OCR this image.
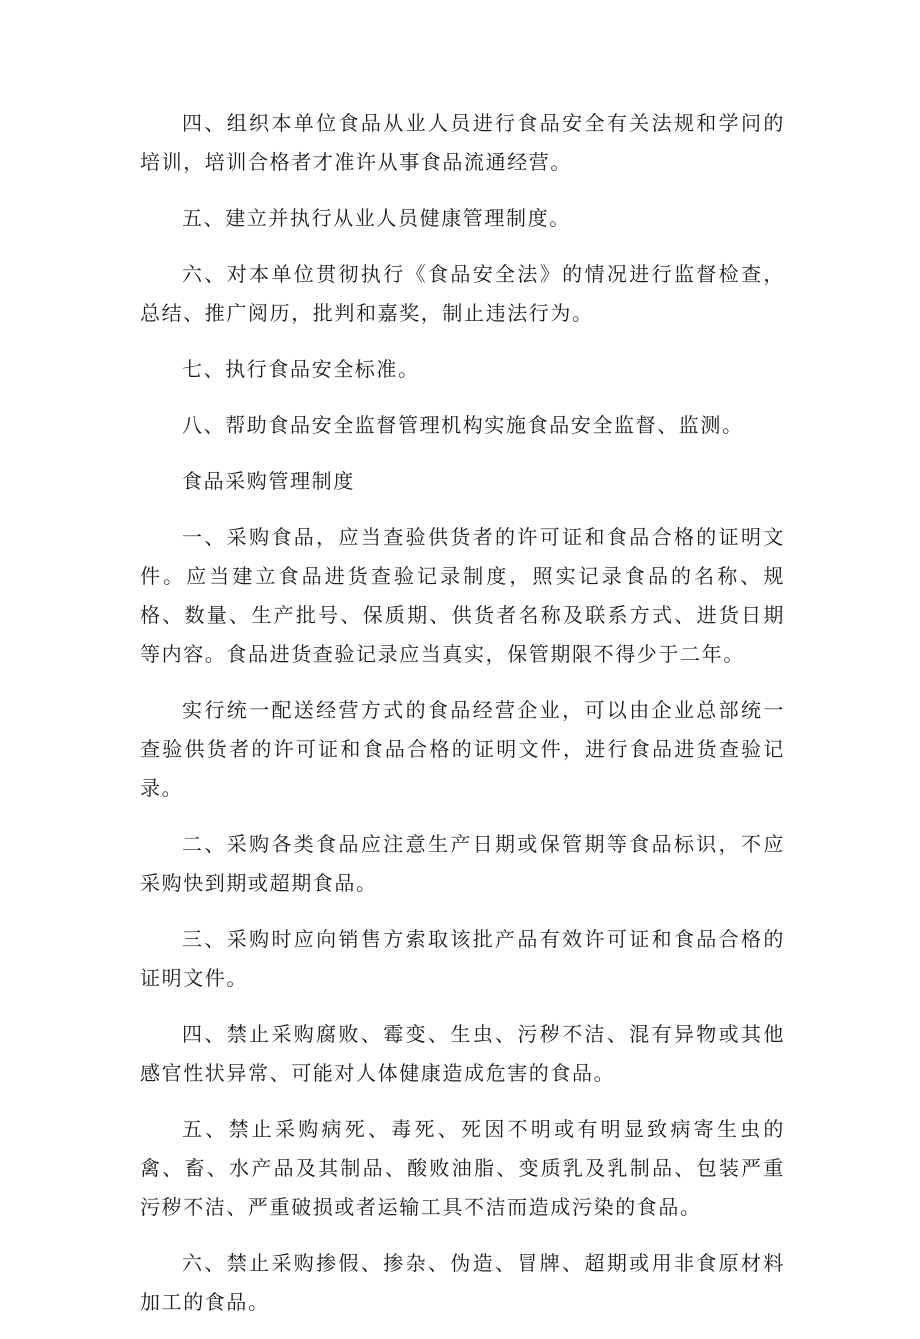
四、组织本单位食品从业人员进行食品安全有关法规和学问的培训，培训合格者才准许从事食品流通经营。

五、建立并执行从业人员健康管理制度。

六、对本单位贯彻执行《食品安全法》的情况进行监督检查，总结、推广阅历，批判和嘉奖，制止违法行为。

七、执行食品安全标准。

八、帮助食品安全监督管理机构实施食品安全监督、监测。

食品采购管理制度

一、采购食品，应当查验供货者的许可证和食品合格的证明文件。应当建立食品进货查验记录制度，照实记录食品的名称、规格、数量、生产批号、保质期、供货者名称及联系方式、进货日期等内容。食品进货查验记录应当真实，保管期限不得少于二年。

实行统一配送经营方式的食品经营企业，可以由企业总部统一查验供货者的许可证和食品合格的证明文件，进行食品进货查验记录。

二、采购各类食品应注意生产日期或保管期等食品标识，不应采购快到期或超期食品。

三、采购时应向销售方索取该批产品有效许可证和食品合格的证明文件。

四、禁止采购腐败、霉变、生虫、污秽不洁、混有异物或其他感官性状异常、可能对人体健康造成危害的食品。

五、禁止采购病死、毒死、死因不明或有明显致病寄生虫的禽、畜、水产品及其制品、酸败油脂、变质乳及乳制品、包装严重污秽不洁、严重破损或者运输工具不洁而造成污染的食品。

六、禁止采购掺假、掺杂、伪造、冒牌、超期或用非食原材料加工的食品。
